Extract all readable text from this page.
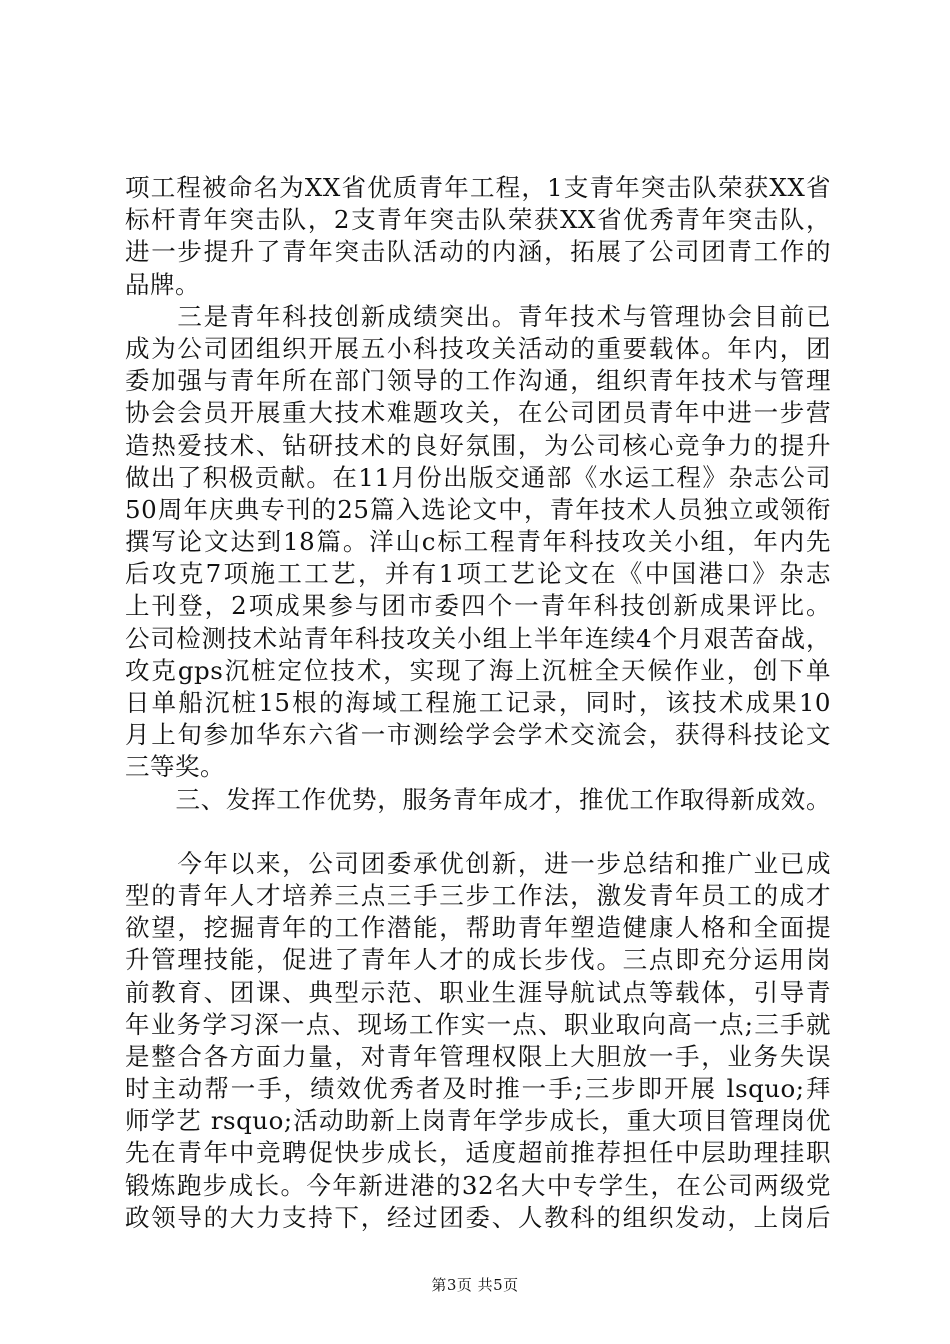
项工程被命名为XX省优质青年工程，1支青年突击队荣获XX省
标杆青年突击队，2支青年突击队荣获XX省优秀青年突击队，
进一步提升了青年突击队活动的内涵，拓展了公司团青工作的
品牌。
　　三是青年科技创新成绩突出。青年技术与管理协会目前已
成为公司团组织开展五小科技攻关活动的重要载体。年内，团
委加强与青年所在部门领导的工作沟通，组织青年技术与管理
协会会员开展重大技术难题攻关，在公司团员青年中进一步营
造热爱技术、钻研技术的良好氛围，为公司核心竞争力的提升
做出了积极贡献。在11月份出版交通部《水运工程》杂志公司
50周年庆典专刊的25篇入选论文中，青年技术人员独立或领衔
撰写论文达到18篇。洋山c标工程青年科技攻关小组，年内先
后攻克7项施工工艺，并有1项工艺论文在《中国港口》杂志
上刊登，2项成果参与团市委四个一青年科技创新成果评比。
公司检测技术站青年科技攻关小组上半年连续4个月艰苦奋战，
攻克gps沉桩定位技术，实现了海上沉桩全天候作业，创下单
日单船沉桩15根的海域工程施工记录，同时，该技术成果10
月上旬参加华东六省一市测绘学会学术交流会，获得科技论文
三等奖。
　　三、发挥工作优势，服务青年成才，推优工作取得新成效。
　　今年以来，公司团委承优创新，进一步总结和推广业已成
型的青年人才培养三点三手三步工作法，激发青年员工的成才
欲望，挖掘青年的工作潜能，帮助青年塑造健康人格和全面提
升管理技能，促进了青年人才的成长步伐。三点即充分运用岗
前教育、团课、典型示范、职业生涯导航试点等载体，引导青
年业务学习深一点、现场工作实一点、职业取向高一点;三手就
是整合各方面力量，对青年管理权限上大胆放一手，业务失误
时主动帮一手，绩效优秀者及时推一手;三步即开展 lsquo;拜
师学艺 rsquo;活动助新上岗青年学步成长，重大项目管理岗优
先在青年中竞聘促快步成长，适度超前推荐担任中层助理挂职
锻炼跑步成长。今年新进港的32名大中专学生，在公司两级党
政领导的大力支持下，经过团委、人教科的组织发动，上岗后
第3页 共5页
